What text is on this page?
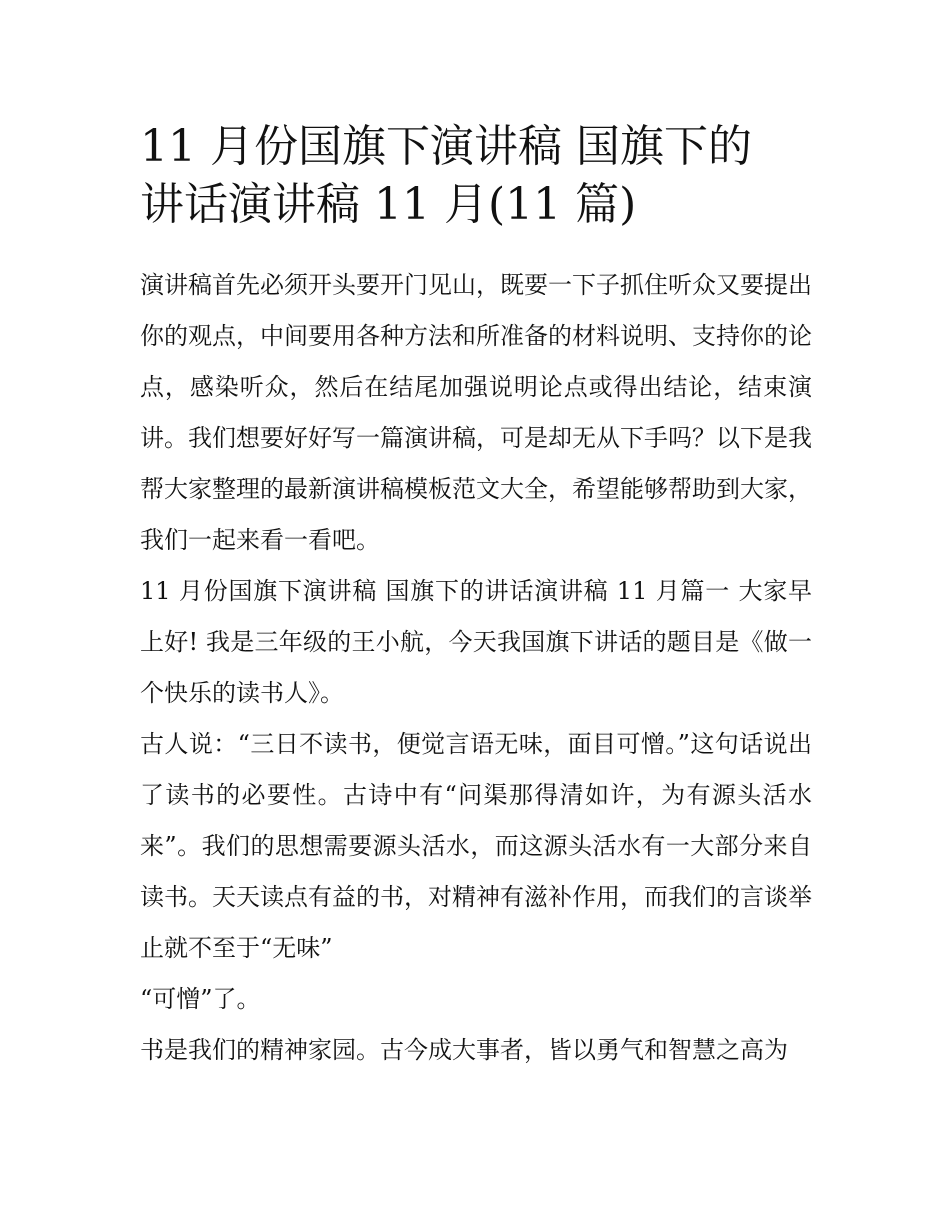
11 月份国旗下演讲稿 国旗下的
讲话演讲稿 11 月(11 篇)

演讲稿首先必须开头要开门见山，既要一下子抓住听众又要提出你的观点，中间要用各种方法和所准备的材料说明、支持你的论点，感染听众，然后在结尾加强说明论点或得出结论，结束演讲。我们想要好好写一篇演讲稿，可是却无从下手吗？以下是我帮大家整理的最新演讲稿模板范文大全，希望能够帮助到大家，我们一起来看一看吧。

11 月份国旗下演讲稿 国旗下的讲话演讲稿 11 月篇一 大家早上好! 我是三年级的王小航，今天我国旗下讲话的题目是《做一个快乐的读书人》。

古人说：“三日不读书，便觉言语无味，面目可憎。”这句话说出了读书的必要性。古诗中有“问渠那得清如许，为有源头活水来”。我们的思想需要源头活水，而这源头活水有一大部分来自读书。天天读点有益的书，对精神有滋补作用，而我们的言谈举止就不至于“无味”

“可憎”了。

书是我们的精神家园。古今成大事者，皆以勇气和智慧之高为
